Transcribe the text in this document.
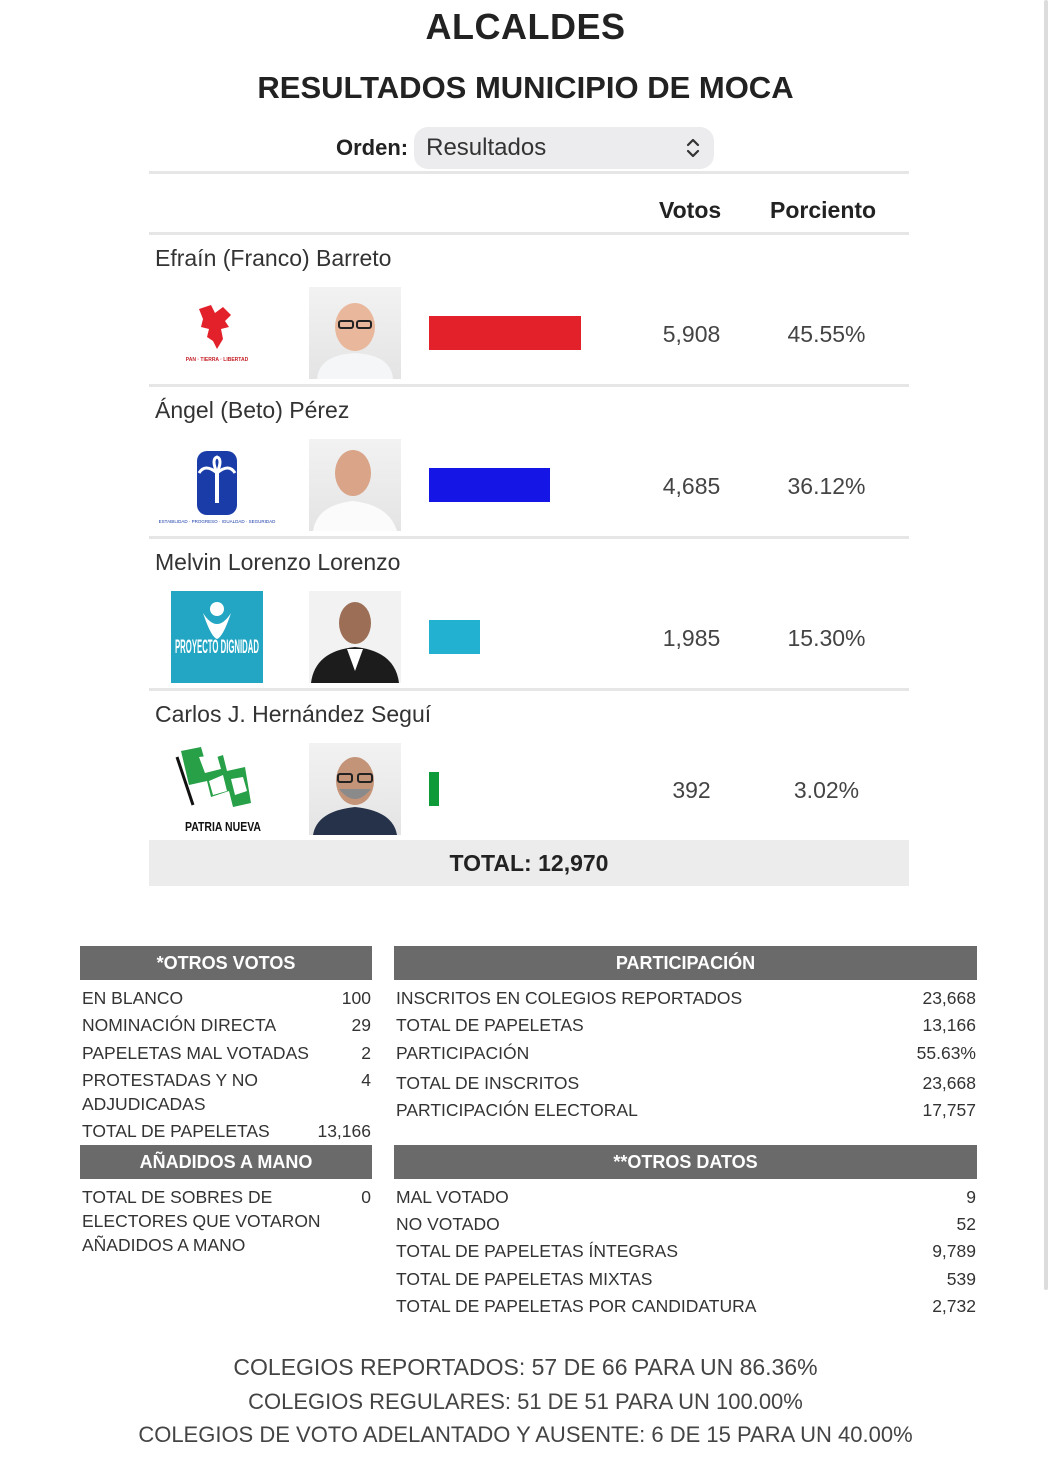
ALCALDES
RESULTADOS MUNICIPIO DE MOCA
Orden: Resultados
Votos Porciento
Efraín (Franco) Barreto
PAN · TIERRA · LIBERTAD
5,908	45.55%
Ángel (Beto) Pérez
ESTABILIDAD · PROGRESO · IGUALDAD · SEGURIDAD
4,685	36.12%
Melvin Lorenzo Lorenzo
PROYECTO DIGNIDAD	1,985	15.30%
Carlos J. Hernández Seguí
PATRIA NUEVA
392	3.02%
TOTAL: 12,970
*OTROS VOTOS
EN BLANCO	100
NOMINACIÓN DIRECTA	29
PAPELETAS MAL VOTADAS	2
PROTESTADAS Y NO	4
ADJUDICADAS
TOTAL DE PAPELETAS	13,166
AÑADIDOS A MANO
TOTAL DE SOBRES DE	0
ELECTORES QUE VOTARON
AÑADIDOS A MANO
PARTICIPACIÓN
INSCRITOS EN COLEGIOS REPORTADOS	23,668
TOTAL DE PAPELETAS	13,166
PARTICIPACIÓN	55.63%
TOTAL DE INSCRITOS	23,668
PARTICIPACIÓN ELECTORAL	17,757
**OTROS DATOS
MAL VOTADO	9
NO VOTADO	52
TOTAL DE PAPELETAS ÍNTEGRAS	9,789
TOTAL DE PAPELETAS MIXTAS	539
TOTAL DE PAPELETAS POR CANDIDATURA	2,732
COLEGIOS REPORTADOS: 57 DE 66 PARA UN 86.36%
COLEGIOS REGULARES: 51 DE 51 PARA UN 100.00%
COLEGIOS DE VOTO ADELANTADO Y AUSENTE: 6 DE 15 PARA UN 40.00%
